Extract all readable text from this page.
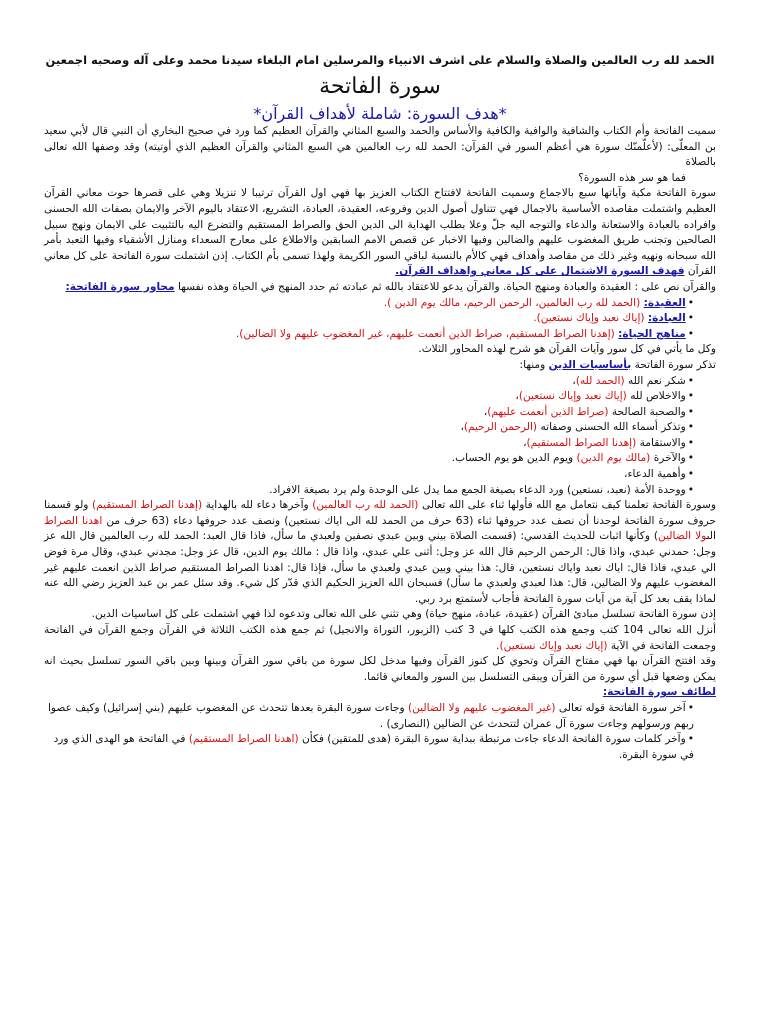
الحمد لله رب العالمين والصلاة والسلام على اشرف الانبياء والمرسلين امام البلغاء سيدنا محمد وعلى آله وصحبه اجمعين
سورة الفاتحة
*هدف السورة: شاملة لأهداف القرآن*

سميت الفاتحة وأم الكتاب والشافية والوافية والكافية والأساس والحمد والسبع المثاني والقرآن العظيم كما ورد في صحيح البخاري أن النبي قال لأبي سعيد بن المعلّى: (لأعلّمنّك سورة هي أعظم السور في القرآن: الحمد لله رب العالمين هي السبع المثاني والقرآن العظيم الذي أوتيته) وقد وصفها الله تعالى بالصلاة

فما هو سر هذه السورة؟

سورة الفاتحة مكية وآياتها سبع بالاجماع وسميت الفاتحة لافتتاح الكتاب العزيز بها فهي اول القرآن ترتيبا لا تنزيلا وهي على قصرها حوت معاني القرآن العظيم واشتملت مقاصده الأساسية بالاجمال فهي تتناول أصول الدين وفروعه، العقيدة، العبادة، التشريع، الاعتقاد باليوم الآخر والايمان بصفات الله الحسنى وافراده بالعبادة والاستعانة والدعاء والتوجه اليه جلّ وعلا بطلب الهداية الى الدين الحق والصراط المستقيم والتضرع اليه بالتثبيت على الايمان ونهج سبيل الصالحين وتجنب طريق المغضوب عليهم والضالين وفيها الاخبار عن قصص الامم السابقين والاطلاع على معارج السعداء ومنازل الأشقياء وفيها التعبد بأمر الله سبحانه ونهيه وغير ذلك من مقاصد وأهداف فهي كالأم بالنسبة لباقي السور الكريمة ولهذا تسمى بأم الكتاب. إذن اشتملت سورة الفاتحة على كل معاني القرآن فهدف السورة الاشتمال على كل معاني واهداف القرآن.

والقرآن نص على : العقيدة والعبادة ومنهج الحياة. والقرآن يدعو للاعتقاد بالله ثم عبادته ثم حدد المنهج في الحياة وهذه نفسها محاور سورة الفاتحة:

•العقيدة: (الحمد لله رب العالمين، الرحمن الرحيم، مالك يوم الدين ).

•العبادة: (إياك نعبد وإياك نستعين).

•مناهج الحياة: (إهدنا الصراط المستقيم، صراط الذين أنعمت عليهم، غير المغضوب عليهم ولا الضالين).

وكل ما يأتي في كل سور وآيات القرآن هو شرح لهذه المحاور الثلاث.

تذكر سورة الفاتحة بأساسيات الدين ومنها:

•شكر نعم الله (الحمد لله)،

•والاخلاص لله (إياك نعبد وإياك نستعين)،

•والصحبة الصالحة (صراط الذين أنعمت عليهم)،

•وتذكر أسماء الله الحسنى وصفاته (الرحمن الرحيم)،

•والاستقامة (إهدنا الصراط المستقيم)،

•والآخرة (مالك يوم الدين) ويوم الدين هو يوم الحساب.

•وأهمية الدعاء،

•ووحدة الأمة (نعبد، نستعين) ورد الدعاء بصيغة الجمع مما يدل على الوحدة ولم يرد بصيغة الافراد.

وسورة الفاتحة تعلمنا كيف نتعامل مع الله فأولها ثناء على الله تعالى (الحمد لله رب العالمين) وآخرها دعاء لله بالهداية (إهدنا الصراط المستقيم) ولو قسمنا حروف سورة الفاتحة لوجدنا أن نصف عدد حروفها ثناء (63 حرف من الحمد لله الى اياك نستعين) ونصف عدد حروفها دعاء (63 حرف من اهدنا الصراط الىولا الضالين) وكأنها اثبات للحديث القدسي: (قسمت الصلاة بيني وبين عبدي نصفين ولعبدي ما سأل، فاذا قال العبد: الحمد لله رب العالمين قال الله عز وجل: حمدني عبدي، واذا قال: الرحمن الرحيم قال الله عز وجل: أثنى علي عبدي، واذا قال : مالك يوم الدين، قال عز وجل: مجدني عبدي، وقال مرة فوض الي عبدي، فاذا قال: اياك نعبد واياك نستعين، قال: هذا بيني وبين عبدي ولعبدي ما سأل، فإذا قال: اهدنا الصراط المستقيم صراط الذين انعمت عليهم غير المغضوب عليهم ولا الضالين، قال: هذا لعبدي ولعبدي ما سأل) فسبحان الله العزيز الحكيم الذي قدّر كل شيء. وقد سئل عمر بن عبد العزيز رضي الله عنه لماذا يقف بعد كل آية من آيات سورة الفاتحة فأجاب لأستمتع برد ربي.

إذن سورة الفاتحة تسلسل مبادئ القرآن (عقيدة، عبادة، منهج حياة) وهي تثني على الله تعالى وتدعوه لذا فهي اشتملت على كل اساسيات الدين.

أنزل الله تعالى 104 كتب وجمع هذه الكتب كلها في 3 كتب (الزبور، التوراة والانجيل) ثم جمع هذه الكتب الثلاثة في القرآن وجمع القرآن في الفاتحة وجمعت الفاتحة في الآية (إياك نعبد وإياك نستعين).

وقد افتتح القرآن بها فهي مفتاح القرآن وتحوي كل كنوز القرآن وفيها مدخل لكل سورة من باقي سور القرآن وبينها وبين باقي السور تسلسل بحيث انه يمكن وضعها قبل أي سورة من القرآن ويبقى التسلسل بين السور والمعاني قائما.

لطائف سورة الفاتحة:

•آخر سورة الفاتحة قوله تعالى (غير المغضوب عليهم ولا الضالين) وجاءت سورة البقرة بعدها تتحدث عن المغضوب عليهم (بني إسرائيل) وكيف عصوا ربهم ورسولهم وجاءت سورة آل عمران لتتحدث عن الضالين (النصارى) .

•وآخر كلمات سورة الفاتحة الدعاء جاءت مرتبطة ببداية سورة البقرة (هدى للمتقين) فكأن (اهدنا الصراط المستقيم) في الفاتحة هو الهدى الذي ورد في سورة البقرة.
